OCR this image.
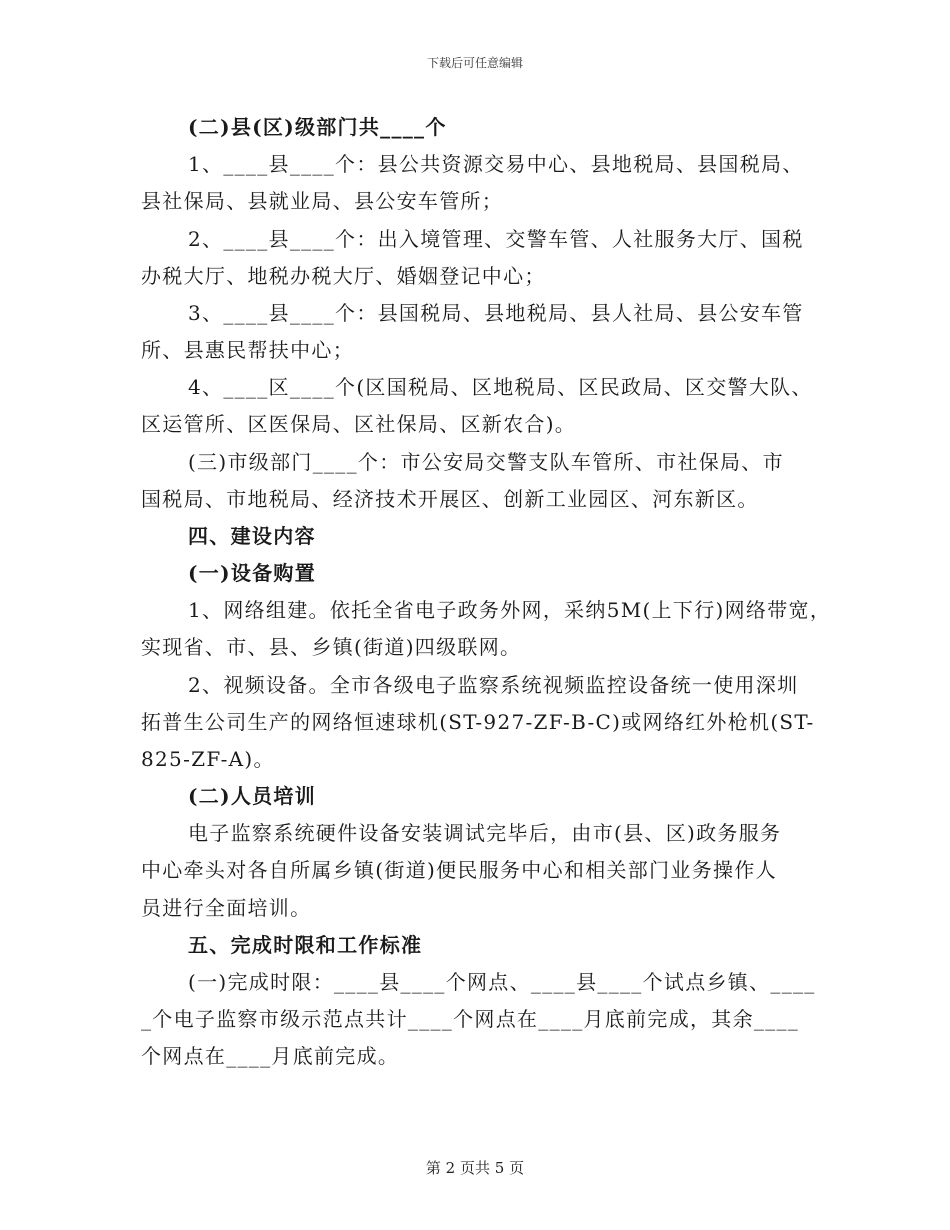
下载后可任意编辑
(二)县(区)级部门共____个
1、____县____个：县公共资源交易中心、县地税局、县国税局、
县社保局、县就业局、县公安车管所；
2、____县____个：出入境管理、交警车管、人社服务大厅、国税
办税大厅、地税办税大厅、婚姻登记中心；
3、____县____个：县国税局、县地税局、县人社局、县公安车管
所、县惠民帮扶中心；
4、____区____个(区国税局、区地税局、区民政局、区交警大队、
区运管所、区医保局、区社保局、区新农合)。
(三)市级部门____个：市公安局交警支队车管所、市社保局、市
国税局、市地税局、经济技术开展区、创新工业园区、河东新区。
四、建设内容
(一)设备购置
1、网络组建。依托全省电子政务外网，采纳5M(上下行)网络带宽，
实现省、市、县、乡镇(街道)四级联网。
2、视频设备。全市各级电子监察系统视频监控设备统一使用深圳
拓普生公司生产的网络恒速球机(ST-927-ZF-B-C)或网络红外枪机(ST-
825-ZF-A)。
(二)人员培训
电子监察系统硬件设备安装调试完毕后，由市(县、区)政务服务
中心牵头对各自所属乡镇(街道)便民服务中心和相关部门业务操作人
员进行全面培训。
五、完成时限和工作标准
(一)完成时限：____县____个网点、____县____个试点乡镇、____
_个电子监察市级示范点共计____个网点在____月底前完成，其余____
个网点在____月底前完成。
第 2 页共 5 页
